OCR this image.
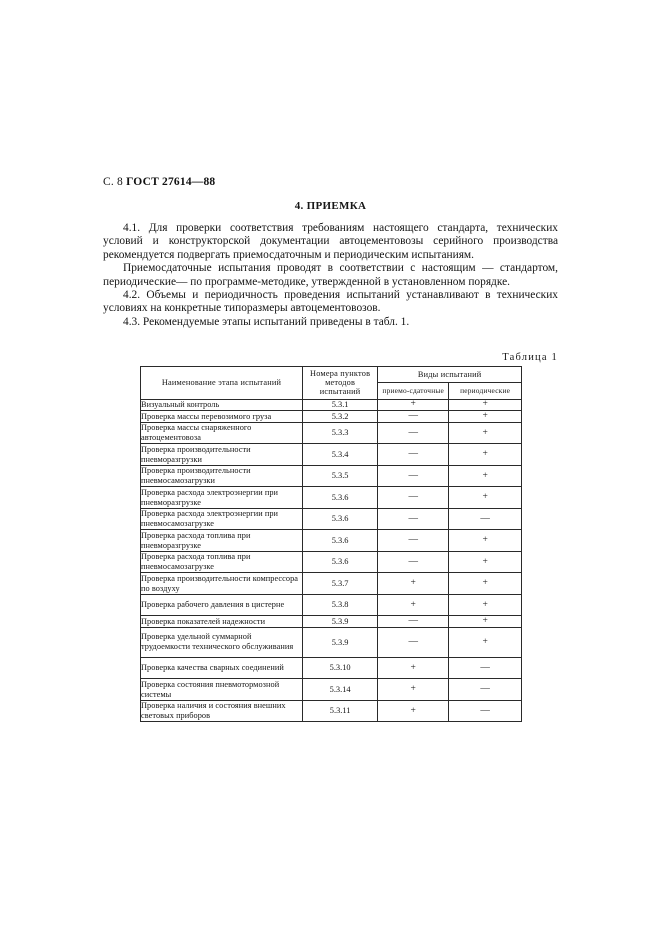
С. 8 ГОСТ 27614—88
4. ПРИЕМКА

4.1. Для проверки соответствия требованиям настоящего стандарта, технических условий и конструкторской документации автоцементовозы серийного производства рекомендуется подвергать приемосдаточным и периодическим испытаниям.

Приемосдаточные испытания проводят в соответствии с настоящим — стандартом, периодические— по программе-методике, утвержденной в установленном порядке.

4.2. Объемы и периодичность проведения испытаний устанавливают в технических условиях на конкретные типоразмеры автоцементовозов.

4.3. Рекомендуемые этапы испытаний приведены в табл. 1.

Таблица 1
Наименование этапа испытаний	Номера пунктов методов испытаний	Виды испытаний	
		приемо-сдаточные	периодические
Визуальный контроль	5.3.1	+	+
Проверка массы перевозимого груза	5.3.2	—	+
Проверка массы снаряженного автоцементовоза	5.3.3	—	+
Проверка производительности пневморазгрузки	5.3.4	—	+
Проверка производительности пневмосамозагрузки	5.3.5	—	+
Проверка расхода электроэнергии при пневморазгрузке	5.3.6	—	+
Проверка расхода электроэнергии при пневмосамозагрузке	5.3.6	—	—
Проверка расхода топлива при пневморазгрузке	5.3.6	—	+
Проверка расхода топлива при пневмосамозагрузке	5.3.6	—	+
Проверка производительности компрессора по воздуху	5.3.7	+	+
Проверка рабочего давления в цистерне	5.3.8	+	+
Проверка показателей надежности	5.3.9	—	+
Проверка удельной суммарной трудоемкости технического обслуживания	5.3.9	—	+
Проверка качества сварных соединений	5.3.10	+	—
Проверка состояния пневмотормозной системы	5.3.14	+	—
Проверка наличия и состояния внешних световых приборов	5.3.11	+	—
